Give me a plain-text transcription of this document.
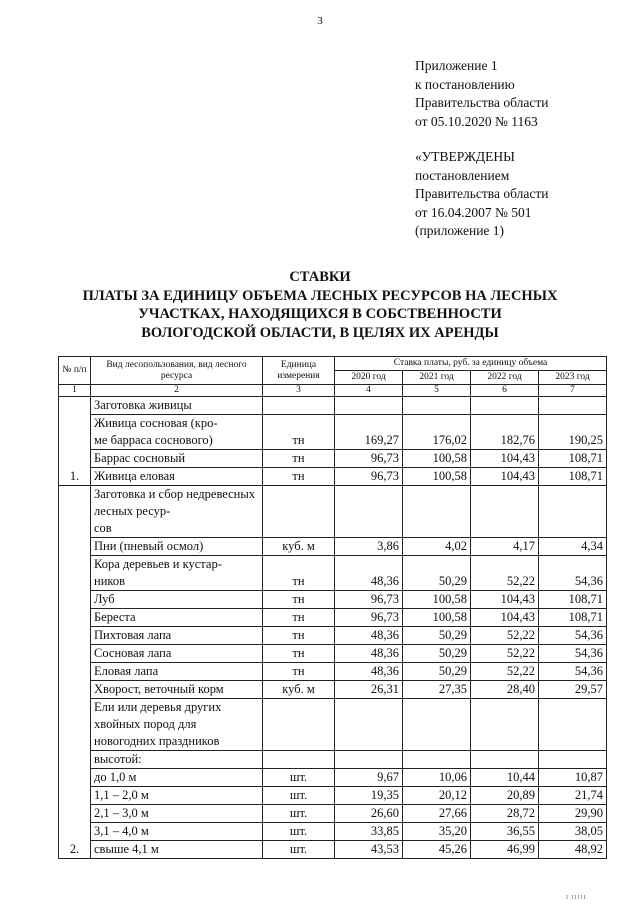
3
Приложение 1
к постановлению
Правительства области
от 05.10.2020 № 1163
«УТВЕРЖДЕНЫ
постановлением
Правительства области
от 16.04.2007 № 501
(приложение 1)
СТАВКИ
ПЛАТЫ ЗА ЕДИНИЦУ ОБЪЕМА ЛЕСНЫХ РЕСУРСОВ НА ЛЕСНЫХ
УЧАСТКАХ, НАХОДЯЩИХСЯ В СОБСТВЕННОСТИ
ВОЛОГОДСКОЙ ОБЛАСТИ, В ЦЕЛЯХ ИХ АРЕНДЫ
№ п/п	Вид лесопользования, вид лесного ресурса	Единица измерения	Ставка платы, руб. за единицу объема			
			2020 год	2021 год	2022 год	2023 год
1	2	3	4	5	6	7
1.	Заготовка живицы					

	Живица сосновая (кро-
ме барраса соснового)	тн	169,27	176,02	182,76	190,25

	Баррас сосновый	тн	96,73	100,58	104,43	108,71

	Живица еловая	тн	96,73	100,58	104,43	108,71
2.	Заготовка и сбор недревесных лесных ресур-
сов					

	Пни (пневый осмол)	куб. м	3,86	4,02	4,17	4,34

	Кора деревьев и кустар-
ников	тн	48,36	50,29	52,22	54,36

	Луб	тн	96,73	100,58	104,43	108,71

	Береста	тн	96,73	100,58	104,43	108,71

	Пихтовая лапа	тн	48,36	50,29	52,22	54,36

	Сосновая лапа	тн	48,36	50,29	52,22	54,36

	Еловая лапа	тн	48,36	50,29	52,22	54,36

	Хворост, веточный корм	куб. м	26,31	27,35	28,40	29,57

	Ели или деревья других хвойных пород для
новогодних праздников					

	высотой:					

	до 1,0 м	шт.	9,67	10,06	10,44	10,87

	1,1 – 2,0 м	шт.	19,35	20,12	20,89	21,74

	2,1 – 3,0 м	шт.	26,60	27,66	28,72	29,90

	3,1 – 4,0 м	шт.	33,85	35,20	36,55	38,05

	свыше 4,1 м	шт.	43,53	45,26	46,99	48,92
I IIIII
